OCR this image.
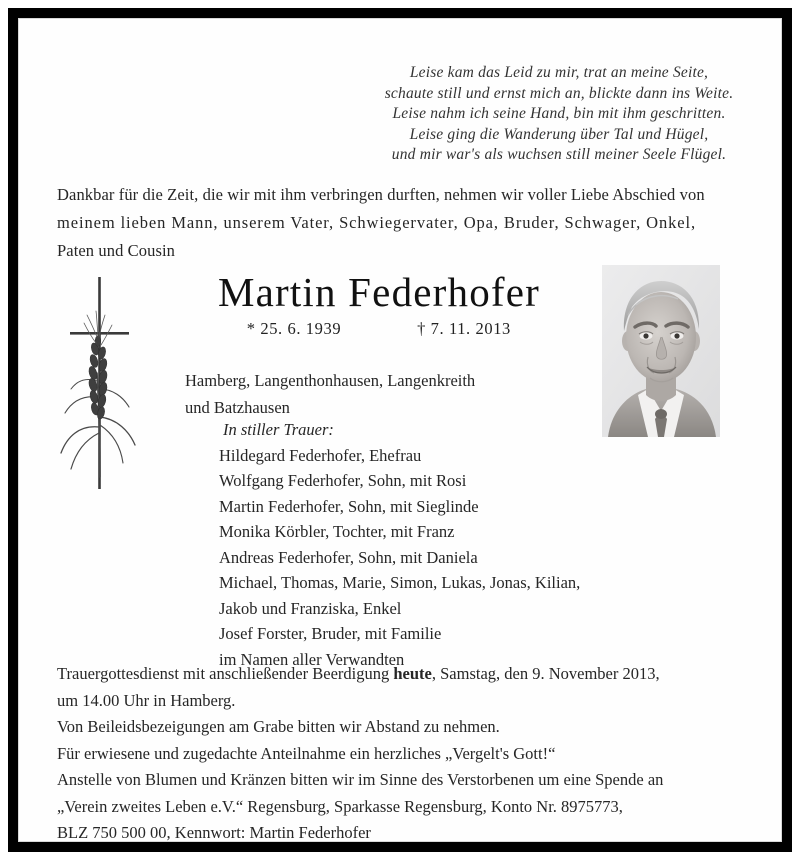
Leise kam das Leid zu mir, trat an meine Seite,
schaute still und ernst mich an, blickte dann ins Weite.
Leise nahm ich seine Hand, bin mit ihm geschritten.
Leise ging die Wanderung über Tal und Hügel,
und mir war's als wuchsen still meiner Seele Flügel.
Dankbar für die Zeit, die wir mit ihm verbringen durften, nehmen wir voller Liebe Abschied von
meinem lieben Mann, unserem Vater, Schwiegervater, Opa, Bruder, Schwager, Onkel,
Paten und Cousin
Martin Federhofer
* 25. 6. 1939	† 7. 11. 2013
Hamberg, Langenthonhausen, Langenkreith
und Batzhausen
In stiller Trauer:
Hildegard Federhofer, Ehefrau
Wolfgang Federhofer, Sohn, mit Rosi
Martin Federhofer, Sohn, mit Sieglinde
Monika Körbler, Tochter, mit Franz
Andreas Federhofer, Sohn, mit Daniela
Michael, Thomas, Marie, Simon, Lukas, Jonas, Kilian,
Jakob und Franziska, Enkel
Josef Forster, Bruder, mit Familie
im Namen aller Verwandten
Trauergottesdienst mit anschließender Beerdigung heute, Samstag, den 9. November 2013,
um 14.00 Uhr in Hamberg.
Von Beileidsbezeigungen am Grabe bitten wir Abstand zu nehmen.
Für erwiesene und zugedachte Anteilnahme ein herzliches „Vergelt's Gott!“
Anstelle von Blumen und Kränzen bitten wir im Sinne des Verstorbenen um eine Spende an
„Verein zweites Leben e.V.“ Regensburg, Sparkasse Regensburg, Konto Nr. 8975773,
BLZ 750 500 00, Kennwort: Martin Federhofer
